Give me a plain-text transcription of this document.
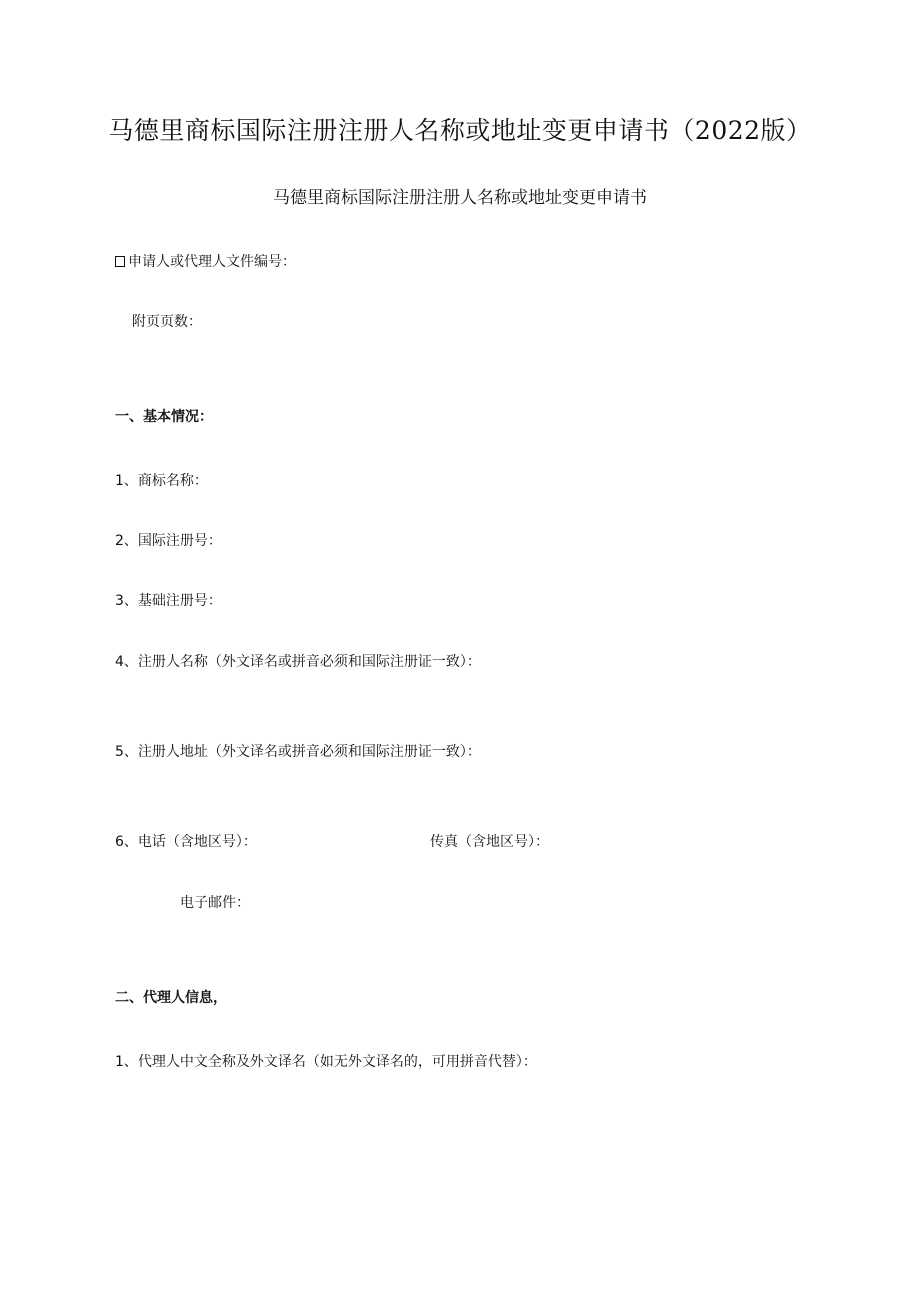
马德里商标国际注册注册人名称或地址变更申请书（2022版）
马德里商标国际注册注册人名称或地址变更申请书
申请人或代理人文件编号：
附页页数：
一、基本情况：
1、商标名称：
2、国际注册号：
3、基础注册号：
4、注册人名称（外文译名或拼音必须和国际注册证一致）：
5、注册人地址（外文译名或拼音必须和国际注册证一致）：
6、电话（含地区号）：	传真（含地区号）：
电子邮件：
二、代理人信息，
1、代理人中文全称及外文译名（如无外文译名的，可用拼音代替）：
